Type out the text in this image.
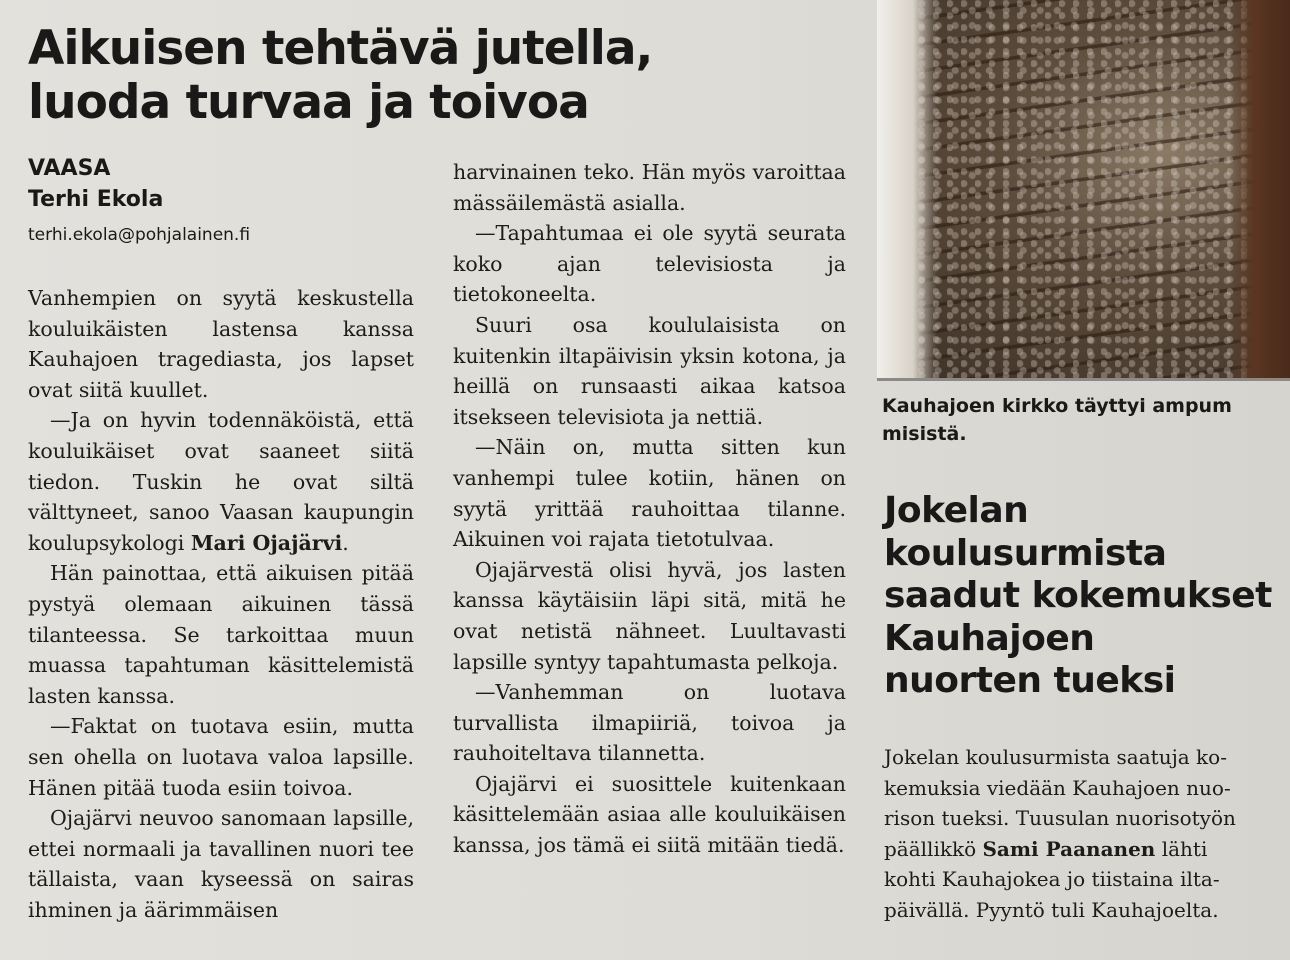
Aikuisen tehtävä jutella,
luoda turvaa ja toivoa
VAASA
Terhi Ekola
terhi.ekola@pohjalainen.fi

Vanhempien on syytä keskustella kouluikäisten lastensa kanssa Kauhajoen tragediasta, jos lapset ovat siitä kuullet.

—Ja on hyvin todennäköistä, että kouluikäiset ovat saaneet siitä tiedon. Tuskin he ovat siltä välttyneet, sanoo Vaasan kaupungin koulupsykologi Mari Ojajärvi.

Hän painottaa, että aikuisen pitää pystyä olemaan aikuinen tässä tilanteessa. Se tarkoittaa muun muassa tapahtuman käsittelemistä lasten kanssa.

—Faktat on tuotava esiin, mutta sen ohella on luotava valoa lapsille. Hänen pitää tuoda esiin toivoa.

Ojajärvi neuvoo sanomaan lapsille, ettei normaali ja tavallinen nuori tee tällaista, vaan kyseessä on sairas ihminen ja äärimmäisen

harvinainen teko. Hän myös varoittaa mässäilemästä asialla.

—Tapahtumaa ei ole syytä seurata koko ajan televisiosta ja tietokoneelta.

Suuri osa koululaisista on kuitenkin iltapäivisin yksin kotona, ja heillä on runsaasti aikaa katsoa itsekseen televisiota ja nettiä.

—Näin on, mutta sitten kun vanhempi tulee kotiin, hänen on syytä yrittää rauhoittaa tilanne. Aikuinen voi rajata tietotulvaa.

Ojajärvestä olisi hyvä, jos lasten kanssa käytäisiin läpi sitä, mitä he ovat netistä nähneet. Luultavasti lapsille syntyy tapahtumasta pelkoja.

—Vanhemman on luotava turvallista ilmapiiriä, toivoa ja rauhoiteltava tilannetta.

Ojajärvi ei suosittele kuitenkaan käsittelemään asiaa alle kouluikäisen kanssa, jos tämä ei siitä mitään tiedä.

Kauhajoen kirkko täyttyi ampum
misistä.
Jokelan
koulusurmista
saadut kokemukset
Kauhajoen
nuorten tueksi

Jokelan koulusurmista saatuja ko-

kemuksia viedään Kauhajoen nuo-

rison tueksi. Tuusulan nuorisotyön

päällikkö Sami Paananen lähti

kohti Kauhajokea jo tiistaina ilta-

päivällä. Pyyntö tuli Kauhajoelta.
